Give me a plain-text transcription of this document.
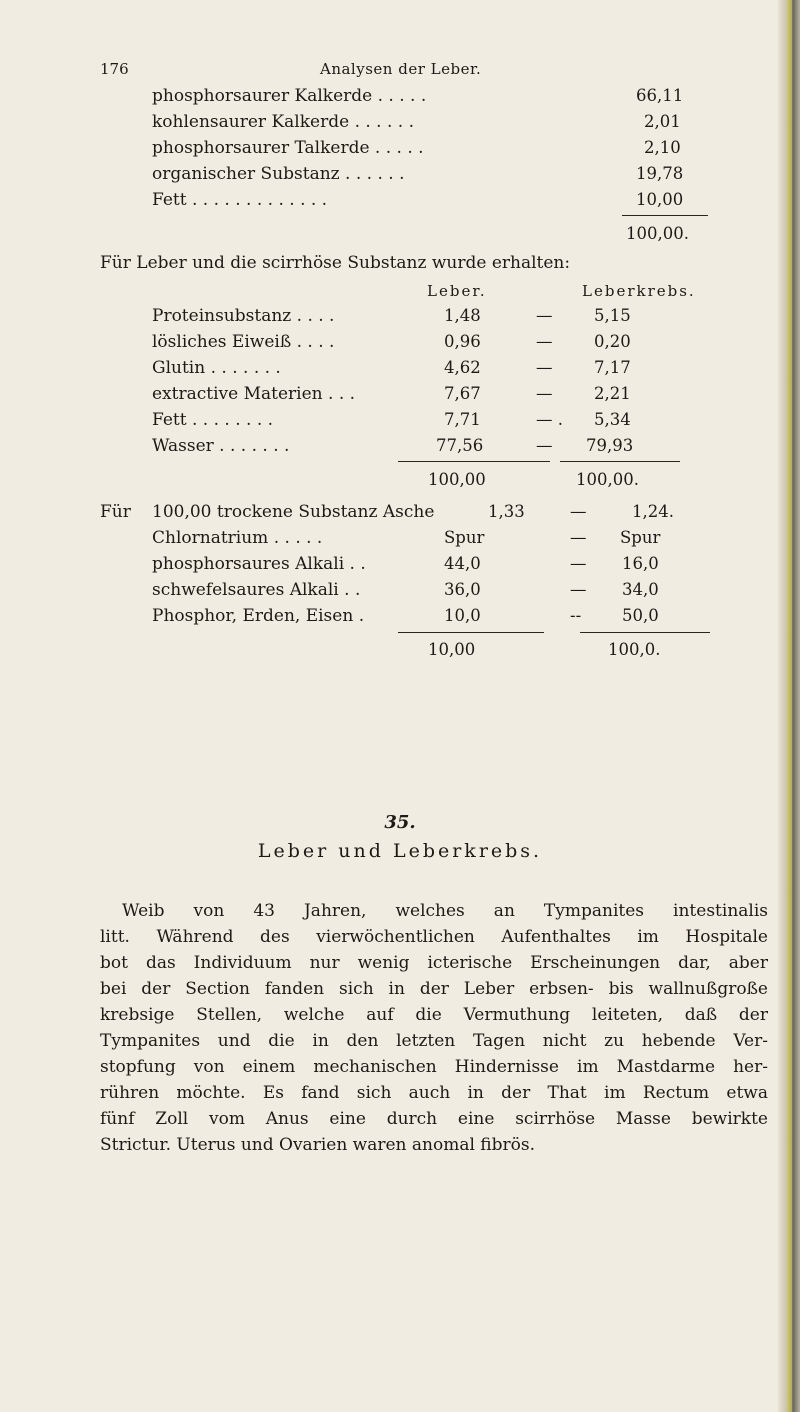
176	Analysen der Leber.
phosphorsaurer Kalkerde . . . . .	66,11
kohlensaurer Kalkerde . . . . . .	2,01
phosphorsaurer Talkerde . . . . .	2,10
organischer Substanz . . . . . .	19,78
Fett . . . . . . . . . . . . .	10,00
100,00.
Für Leber und die scirrhöse Substanz wurde erhalten:
Leber.	Leberkrebs.
Proteinsubstanz . . . .	1,48	—	5,15
lösliches Eiweiß . . . .	0,96	—	0,20
Glutin . . . . . . .	4,62	—	7,17
extractive Materien . . .	7,67	—	2,21
Fett . . . . . . . .	7,71	— . 5,34
Wasser . . . . . . .	77,56	— 79,93
100,00	100,00.
Für 100,00 trockene Substanz Asche	1,33	—	1,24.
Chlornatrium . . . . .	Spur	— Spur
phosphorsaures Alkali . .	44,0	— 16,0
schwefelsaures Alkali . .	36,0	— 34,0
Phosphor, Erden, Eisen .	10,0	-- 50,0
10,00	100,0.
35.
Leber und Leberkrebs.
Weib von 43 Jahren, welches an Tympanites intestinalis
litt. Während des vierwöchentlichen Aufenthaltes im Hospitale
bot das Individuum nur wenig icterische Erscheinungen dar, aber
bei der Section fanden sich in der Leber erbsen- bis wallnußgroße
krebsige Stellen, welche auf die Vermuthung leiteten, daß der
Tympanites und die in den letzten Tagen nicht zu hebende Ver-
stopfung von einem mechanischen Hindernisse im Mastdarme her-
rühren möchte. Es fand sich auch in der That im Rectum etwa
fünf Zoll vom Anus eine durch eine scirrhöse Masse bewirkte
Strictur. Uterus und Ovarien waren anomal fibrös.
